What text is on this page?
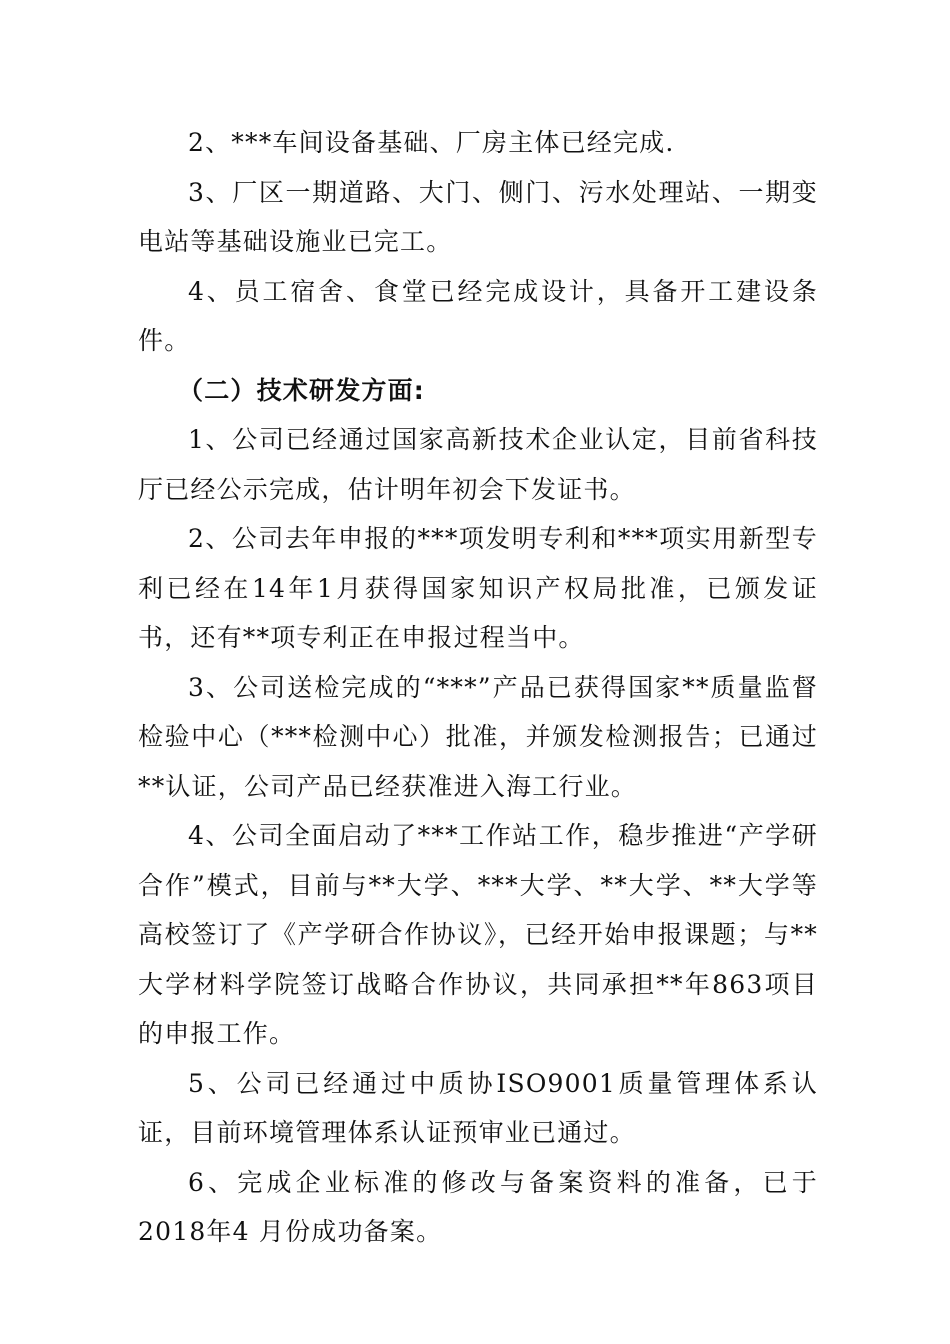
2、***车间设备基础、厂房主体已经完成.

3、厂区一期道路、大门、侧门、污水处理站、一期变电站等基础设施业已完工。

4、员工宿舍、食堂已经完成设计，具备开工建设条件。

（二）技术研发方面:

1、公司已经通过国家高新技术企业认定，目前省科技厅已经公示完成，估计明年初会下发证书。

2、公司去年申报的***项发明专利和***项实用新型专利已经在14年1月获得国家知识产权局批准，已颁发证书，还有**项专利正在申报过程当中。

3、公司送检完成的“***”产品已获得国家**质量监督检验中心（***检测中心）批准，并颁发检测报告；已通过**认证，公司产品已经获准进入海工行业。

4、公司全面启动了***工作站工作，稳步推进“产学研合作”模式，目前与**大学、***大学、**大学、**大学等高校签订了《产学研合作协议》，已经开始申报课题；与**大学材料学院签订战略合作协议，共同承担**年863项目的申报工作。

5、公司已经通过中质协ISO9001质量管理体系认证，目前环境管理体系认证预审业已通过。

6、完成企业标准的修改与备案资料的准备，已于2018年4 月份成功备案。
